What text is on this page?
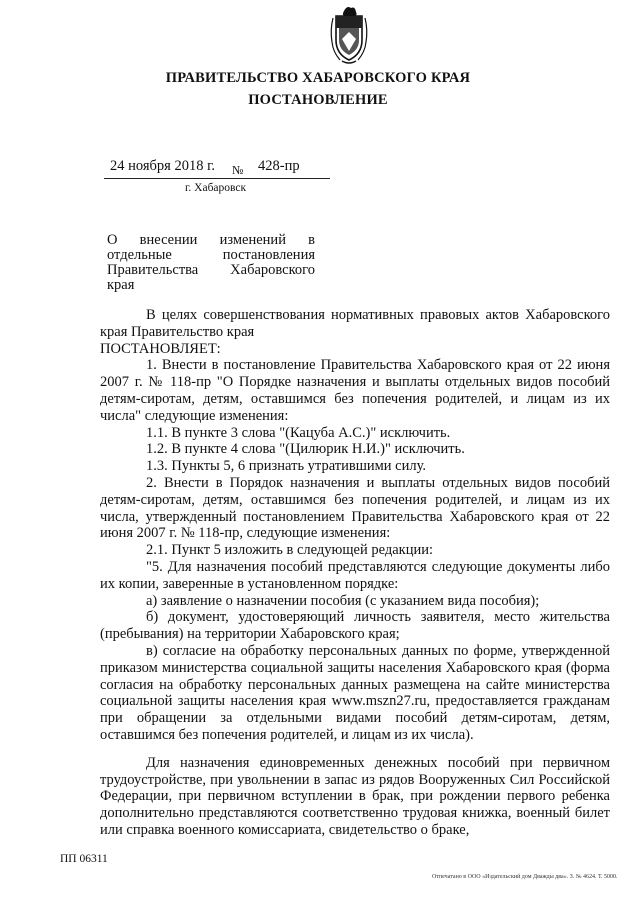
ПРАВИТЕЛЬСТВО ХАБАРОВСКОГО КРАЯ
ПОСТАНОВЛЕНИЕ
24 ноября 2018 г. № 428-пр
г. Хабаровск
О внесении изменений в отдельные постановления Правительства Хабаровского края

В целях совершенствования нормативных правовых актов Хабаровского края Правительство края

ПОСТАНОВЛЯЕТ:

1. Внести в постановление Правительства Хабаровского края от 22 июня 2007 г. № 118-пр "О Порядке назначения и выплаты отдельных видов пособий детям-сиротам, детям, оставшимся без попечения родителей, и лицам из их числа" следующие изменения:

1.1. В пункте 3 слова "(Кацуба А.С.)" исключить.

1.2. В пункте 4 слова "(Цилюрик Н.И.)" исключить.

1.3. Пункты 5, 6 признать утратившими силу.

2. Внести в Порядок назначения и выплаты отдельных видов пособий детям-сиротам, детям, оставшимся без попечения родителей, и лицам из их числа, утвержденный постановлением Правительства Хабаровского края от 22 июня 2007 г. № 118-пр, следующие изменения:

2.1. Пункт 5 изложить в следующей редакции:

"5. Для назначения пособий представляются следующие документы либо их копии, заверенные в установленном порядке:

а) заявление о назначении пособия (с указанием вида пособия);

б) документ, удостоверяющий личность заявителя, место жительства (пребывания) на территории Хабаровского края;

в) согласие на обработку персональных данных по форме, утвержденной приказом министерства социальной защиты населения Хабаровского края (форма согласия на обработку персональных данных размещена на сайте министерства социальной защиты населения края www.mszn27.ru, предоставляется гражданам при обращении за отдельными видами пособий детям-сиротам, детям, оставшимся без попечения родителей, и лицам из их числа).

Для назначения единовременных денежных пособий при первичном трудоустройстве, при увольнении в запас из рядов Вооруженных Сил Российской Федерации, при первичном вступлении в брак, при рождении первого ребенка дополнительно представляются соответственно трудовая книжка, военный билет или справка военного комиссариата, свидетельство о браке,

ПП 06311
Отпечатано в ООО «Издательский дом Дважды два». З. № 4624. Т. 5000.
